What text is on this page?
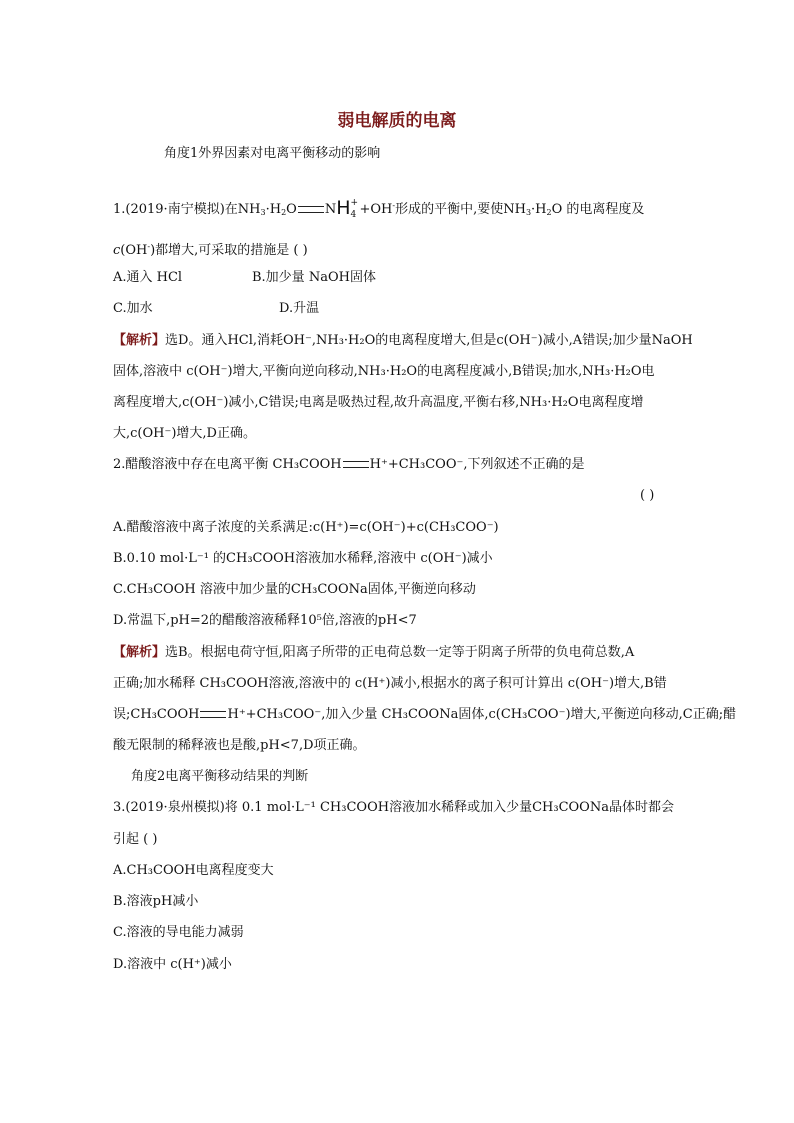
弱电解质的电离
角度1外界因素对电离平衡移动的影响
1.(2019·南宁模拟)在$NH_3\cdot H_2O$ NH +
4 +OH-形成的平衡中,要使$NH_3\cdot H_2O$ 的电离程度及
c(OH-)都增大,可采取的措施是 ( )
A.通入 HCl	B.加少量 NaOH固体
C.加水	D.升温
【解析】选D。通入HCl,消耗OH⁻,NH₃·H₂O的电离程度增大,但是c(OH⁻)减小,A错误;加少量NaOH
固体,溶液中 c(OH⁻)增大,平衡向逆向移动,NH₃·H₂O的电离程度减小,B错误;加水,NH₃·H₂O电
离程度增大,c(OH⁻)减小,C错误;电离是吸热过程,故升高温度,平衡右移,NH₃·H₂O电离程度增
大,c(OH⁻)增大,D正确。
2.醋酸溶液中存在电离平衡 CH₃COOH H⁺+CH₃COO⁻,下列叙述不正确的是
( )
A.醋酸溶液中离子浓度的关系满足:c(H⁺)=c(OH⁻)+c(CH₃COO⁻)
B.0.10 mol·L⁻¹ 的CH₃COOH溶液加水稀释,溶液中 c(OH⁻)减小
C.CH₃COOH 溶液中加少量的CH₃COONa固体,平衡逆向移动
D.常温下,pH=2的醋酸溶液稀释10⁵倍,溶液的pH<7
【解析】选B。根据电荷守恒,阳离子所带的正电荷总数一定等于阴离子所带的负电荷总数,A
正确;加水稀释 CH₃COOH溶液,溶液中的 c(H⁺)减小,根据水的离子积可计算出 c(OH⁻)增大,B错
误;CH₃COOH H⁺+CH₃COO⁻,加入少量 CH₃COONa固体,c(CH₃COO⁻)增大,平衡逆向移动,C正确;醋
酸无限制的稀释液也是酸,pH<7,D项正确。
角度2电离平衡移动结果的判断
3.(2019·泉州模拟)将 0.1 mol·L⁻¹ CH₃COOH溶液加水稀释或加入少量CH₃COONa晶体时都会
引起 ( )
A.CH₃COOH电离程度变大
B.溶液pH减小
C.溶液的导电能力减弱
D.溶液中 c(H⁺)减小
